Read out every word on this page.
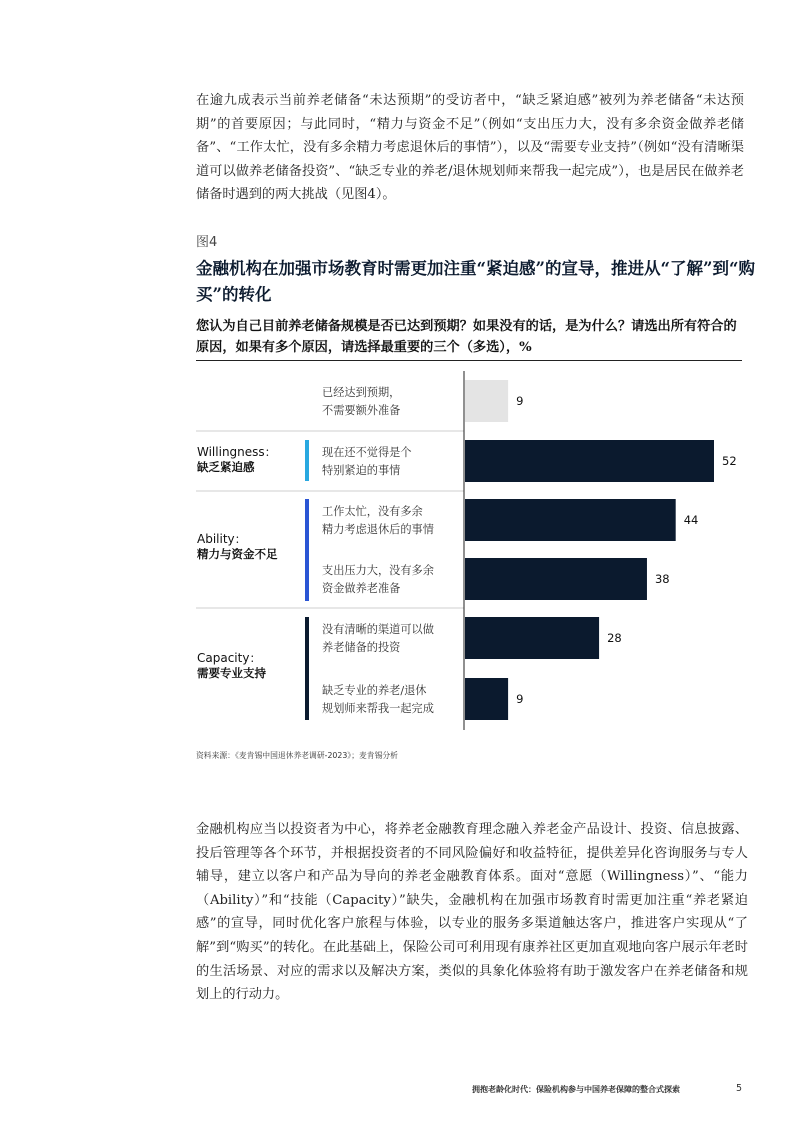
在逾九成表示当前养老储备“未达预期”的受访者中，“缺乏紧迫感”被列为养老储备“未达预期”的首要原因；与此同时，“精力与资金不足”（例如“支出压力大，没有多余资金做养老储备”、“工作太忙，没有多余精力考虑退休后的事情”），以及“需要专业支持”（例如“没有清晰渠道可以做养老储备投资”、“缺乏专业的养老/退休规划师来帮我一起完成”），也是居民在做养老储备时遇到的两大挑战（见图4）。

图4
金融机构在加强市场教育时需更加注重“紧迫感”的宣导，推进从“了解”到“购买”的转化

您认为自己目前养老储备规模是否已达到预期？如果没有的话，是为什么？请选出所有符合的原因，如果有多个原因，请选择最重要的三个（多选），%

Willingness：
缺乏紧迫感
Ability：
精力与资金不足
Capacity：
需要专业支持
已经达到预期，
不需要额外准备
现在还不觉得是个
特别紧迫的事情
工作太忙，没有多余
精力考虑退休后的事情
支出压力大，没有多余
资金做养老准备
没有清晰的渠道可以做
养老储备的投资
缺乏专业的养老/退休
规划师来帮我一起完成
9
52
44
38
28
9
资料来源：《麦肯锡中国退休养老调研-2023》；麦肯锡分析

金融机构应当以投资者为中心，将养老金融教育理念融入养老金产品设计、投资、信息披露、投后管理等各个环节，并根据投资者的不同风险偏好和收益特征，提供差异化咨询服务与专人辅导，建立以客户和产品为导向的养老金融教育体系。面对“意愿（Willingness）”、“能力（Ability）”和“技能（Capacity）”缺失，金融机构在加强市场教育时需更加注重“养老紧迫感”的宣导，同时优化客户旅程与体验，以专业的服务多渠道触达客户，推进客户实现从“了解”到“购买”的转化。在此基础上，保险公司可利用现有康养社区更加直观地向客户展示年老时的生活场景、对应的需求以及解决方案，类似的具象化体验将有助于激发客户在养老储备和规划上的行动力。

拥抱老龄化时代：保险机构参与中国养老保障的整合式探索	5
